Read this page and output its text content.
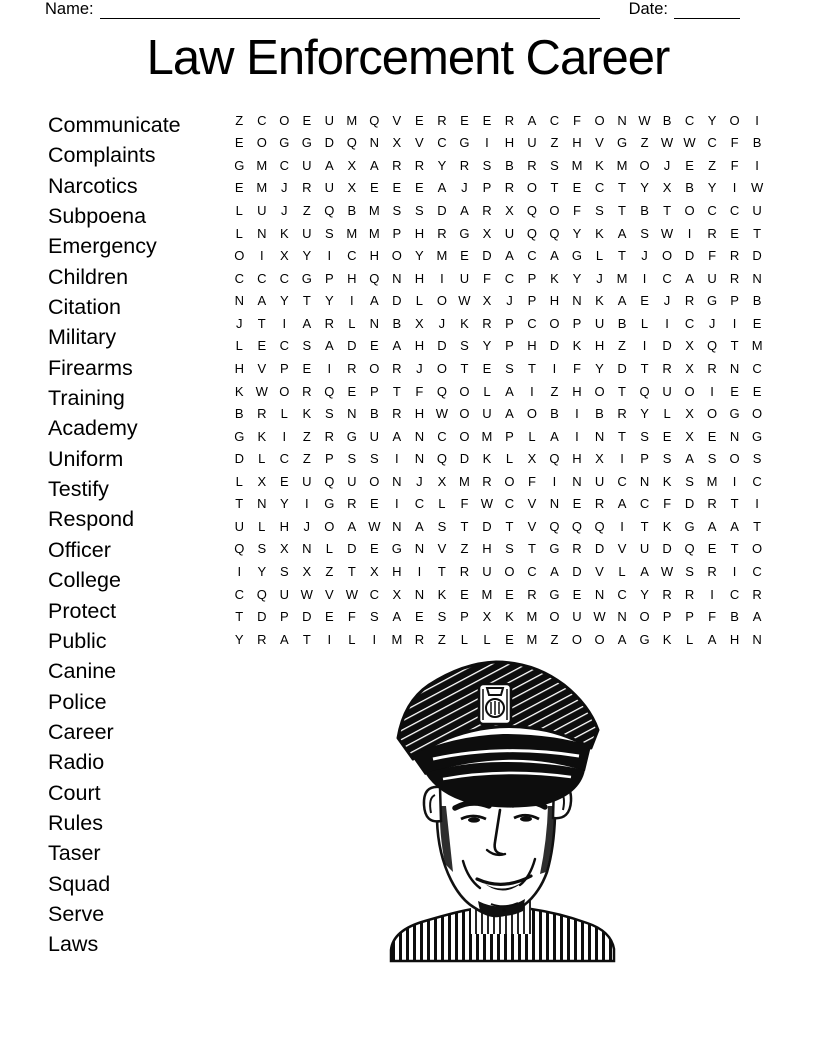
Name:	Date:
Law Enforcement Career
Communicate
Complaints
Narcotics
Subpoena
Emergency
Children
Citation
Military
Firearms
Training
Academy
Uniform
Testify
Respond
Officer
College
Protect
Public
Canine
Police
Career
Radio
Court
Rules
Taser
Squad
Serve
Laws
Z	C O	E	U M Q	V	E	R	E	E	R	A	C	F	O N W B	C	Y	O	I
E	O G G D Q N	X	V	C G	I	H	U	Z	H	V	G	Z W W C	F	B
G M C	U	A	X	A	R	R	Y	R	S	B	R	S M K M O	J	E	Z	F	I
E M	J	R	U	X	E	E	E	A	J	P	R O	T	E	C	T	Y	X	B	Y	I	W
L	U	J	Z	Q	B M S	S	D	A	R	X	Q O	F	S	T	B	T	O C	C	U
L	N	K	U	S M M P	H	R G	X	U Q Q	Y	K	A	S W	I	R	E	T
O	I	X	Y	I	C	H O	Y M E	D	A	C	A	G	L	T	J	O D	F	R	D
C	C	C G	P	H Q N	H	I	U	F	C	P	K	Y	J	M	I	C	A	U	R	N
N	A	Y	T	Y	I	A	D	L	O W X	J	P	H	N	K	A	E	J	R G	P	B
J	T	I	A	R	L	N	B	X	J	K	R	P	C O	P	U	B	L	I	C	J	I	E
L	E	C	S	A	D	E	A	H	D	S	Y	P	H	D	K	H	Z	I	D	X	Q	T	M
H	V	P	E	I	R O R	J	O	T	E	S	T	I	F	Y	D	T	R	X	R	N	C
K W O R Q	E	P	T	F	Q O	L	A	I	Z	H O	T	Q U O	I	E	E
B	R	L	K	S	N	B	R	H W O U	A	O	B	I	B	R	Y	L	X	O G O
G	K	I	Z	R G U	A	N	C O M P	L	A	I	N	T	S	E	X	E	N G
D	L	C	Z	P	S	S	I	N Q D	K	L	X	Q H	X	I	P	S	A	S	O	S
L	X	E	U Q U O N	J	X M R O	F	I	N	U	C	N	K	S M	I	C
T	N	Y	I	G R	E	I	C	L	F W C	V	N	E	R	A	C	F	D	R	T	I
U	L	H	J	O	A W N	A	S	T	D	T	V	Q Q Q	I	T	K	G	A	A	T
Q	S	X	N	L	D	E	G N	V	Z	H	S	T	G R	D	V	U	D Q	E	T	O
I	Y	S	X	Z	T	X	H	I	T	R	U O C	A	D	V	L	A W S	R	I	C
C Q U W V W C	X	N	K	E M E	R G	E	N	C	Y	R	R	I	C	R
T	D	P	D	E	F	S	A	E	S	P	X	K M O U W N O	P	P	F	B	A
Y	R	A	T	I	L	I	M R	Z	L	L	E M	Z	O O	A	G	K	L	A	H	N
